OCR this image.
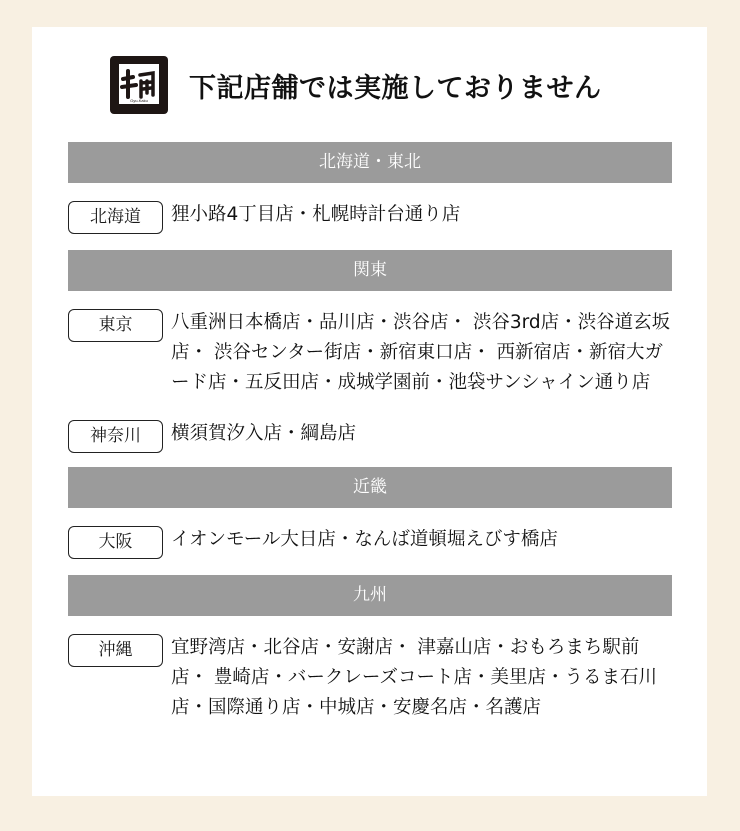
Gyu-Kaku 下記店舗では実施しておりません
北海道・東北
北海道	狸小路4丁目店・札幌時計台通り店
関東
東京	八重洲日本橋店・品川店・渋谷店・ 渋谷3rd店・渋谷道玄坂店・ 渋谷センター街店・新宿東口店・ 西新宿店・新宿大ガード店・五反田店・成城学園前・池袋サンシャイン通り店
神奈川	横須賀汐入店・綱島店
近畿
大阪	イオンモール大日店・なんば道頓堀えびす橋店
九州
沖縄	宜野湾店・北谷店・安謝店・ 津嘉山店・おもろまち駅前店・ 豊崎店・バークレーズコート店・美里店・うるま石川店・国際通り店・中城店・安慶名店・名護店
